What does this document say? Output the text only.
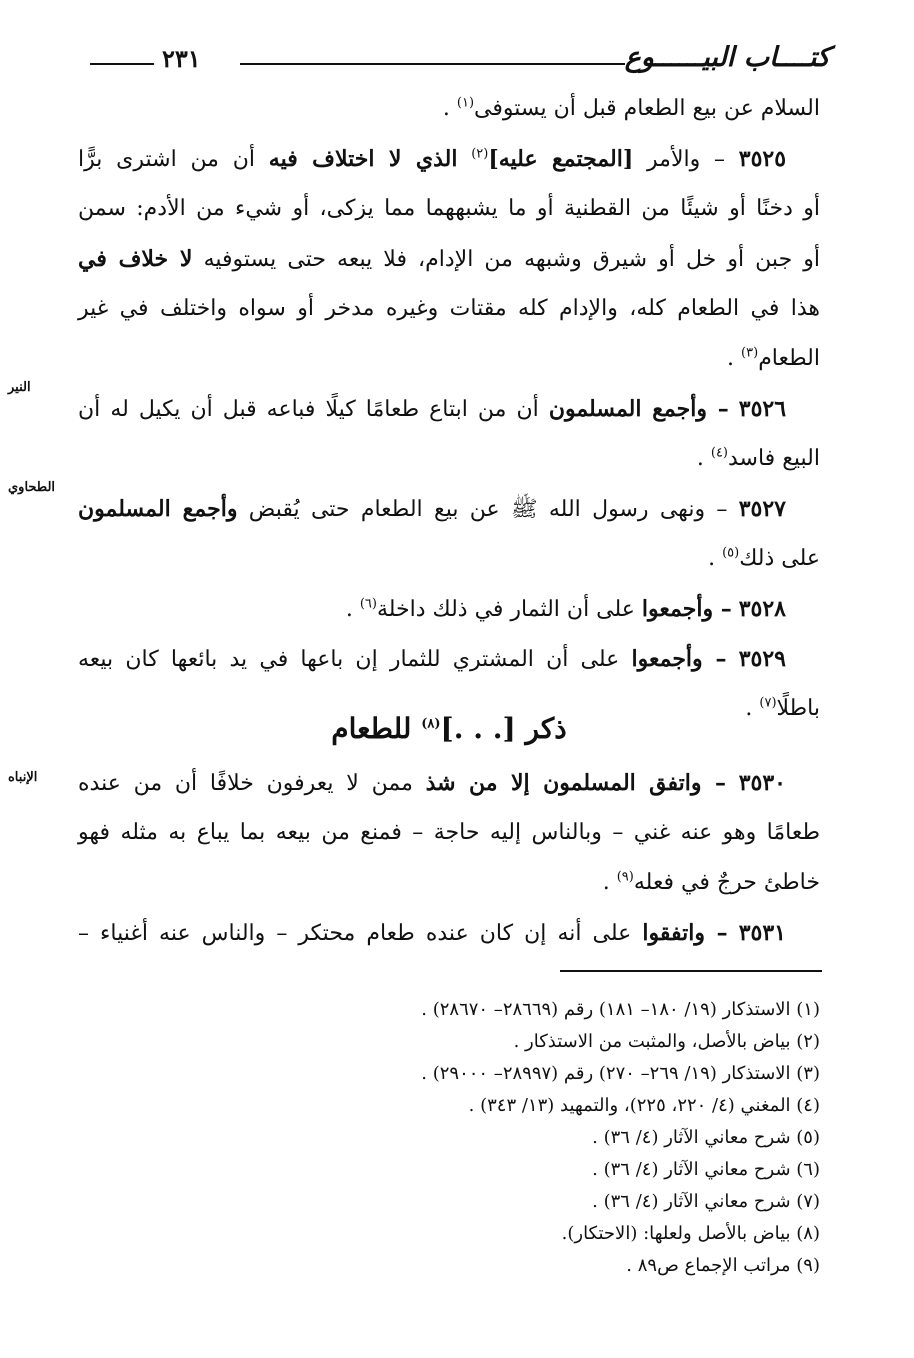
كتــــاب البيــــــوع
٢٣١
السلام عن بيع الطعام قبل أن يستوفى$^{(١)}$ .
٣٥٢٥ – والأمر [المجتمع عليه]$^{(٢)}$ الذي لا اختلاف فيه أن من اشترى برًّا
أو دخنًا أو شيئًا من القطنية أو ما يشبههما مما يزكى، أو شيء من الأدم: سمن
أو جبن أو خل أو شيرق وشبهه من الإدام، فلا يبعه حتى يستوفيه لا خلاف في
هذا في الطعام كله، والإدام كله مقتات وغيره مدخر أو سواه واختلف في غير
الطعام$^{(٣)}$ .
٣٥٢٦ – وأجمع المسلمون أن من ابتاع طعامًا كيلًا فباعه قبل أن يكيل له أن
البيع فاسد$^{(٤)}$ .
٣٥٢٧ – ونهى رسول الله ﷺ عن بيع الطعام حتى يُقبض وأجمع المسلمون
على ذلك$^{(٥)}$ .
٣٥٢٨ – وأجمعوا على أن الثمار في ذلك داخلة$^{(٦)}$ .
٣٥٢٩ – وأجمعوا على أن المشتري للثمار إن باعها في يد بائعها كان بيعه
باطلًا$^{(٧)}$ .
ذكر [. . .]$^{(٨)}$ للطعام
٣٥٣٠ – واتفق المسلمون إلا من شذ ممن لا يعرفون خلافًا أن من عنده
طعامًا وهو عنه غني – وبالناس إليه حاجة – فمنع من بيعه بما يباع به مثله فهو
خاطئ حرجٌ في فعله$^{(٩)}$ .
٣٥٣١ – واتفقوا على أنه إن كان عنده طعام محتكر – والناس عنه أغنياء –
النير
الطحاوي
الإنباه
(١) الاستذكار (١٩/ ١٨٠– ١٨١) رقم (٢٨٦٦٩– ٢٨٦٧٠) .
(٢) بياض بالأصل، والمثبت من الاستذكار .
(٣) الاستذكار (١٩/ ٢٦٩– ٢٧٠) رقم (٢٨٩٩٧– ٢٩٠٠٠) .
(٤) المغني (٤/ ٢٢٠، ٢٢٥)، والتمهيد (١٣/ ٣٤٣) .
(٥) شرح معاني الآثار (٤/ ٣٦) .
(٦) شرح معاني الآثار (٤/ ٣٦) .
(٧) شرح معاني الآثار (٤/ ٣٦) .
(٨) بياض بالأصل ولعلها: (الاحتكار).
(٩) مراتب الإجماع ص٨٩ .
